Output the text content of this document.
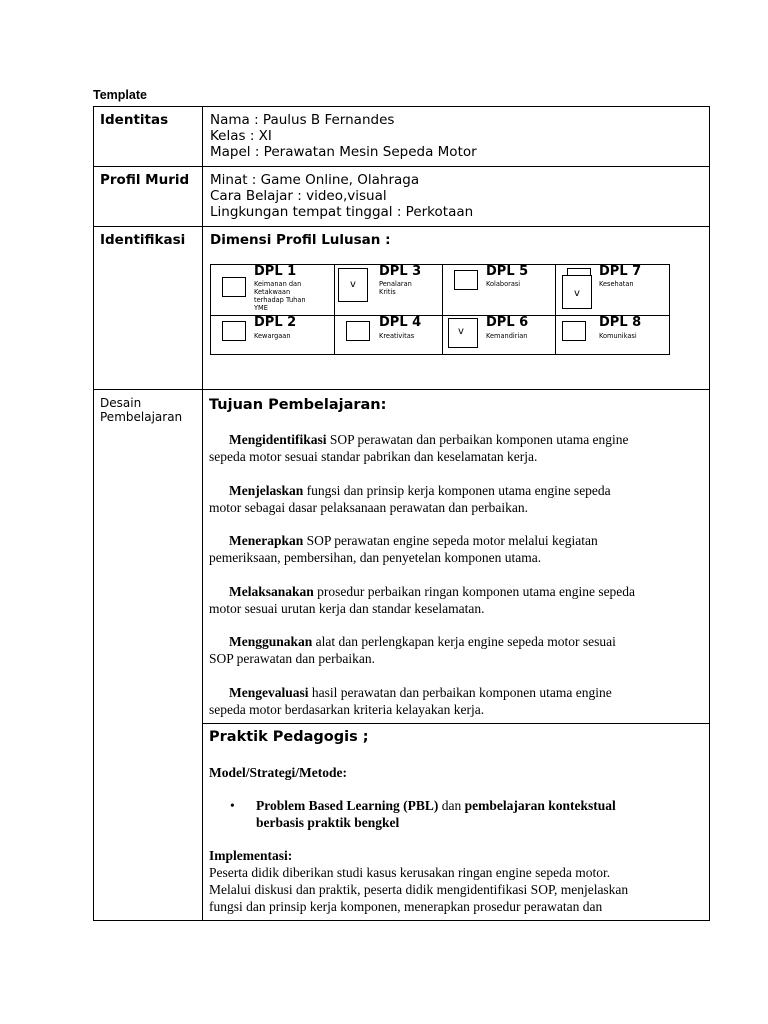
Template
Identitas	Nama : Paulus B Fernandes
Kelas : XI
Mapel : Perawatan Mesin Sepeda Motor
Profil Murid Minat : Game Online, Olahraga
Cara Belajar : video,visual
Lingkungan tempat tinggal : Perkotaan
Identifikasi Dimensi Profil Lulusan :
DPL 1
Keimanan dan
Ketakwaan
terhadap Tuhan
YME
v
DPL 3
Penalaran
Kritis
DPL 5
Kolaborasi
v
DPL 7
Kesehatan
DPL 2
Kewargaan
DPL 4
Kreativitas	v
DPL 6
Kemandirian
DPL 8
Komunikasi
Desain
Pembelajaran
Tujuan Pembelajaran:
Mengidentifikasi SOP perawatan dan perbaikan komponen utama engine
sepeda motor sesuai standar pabrikan dan keselamatan kerja.
Menjelaskan fungsi dan prinsip kerja komponen utama engine sepeda
motor sebagai dasar pelaksanaan perawatan dan perbaikan.
Menerapkan SOP perawatan engine sepeda motor melalui kegiatan
pemeriksaan, pembersihan, dan penyetelan komponen utama.
Melaksanakan prosedur perbaikan ringan komponen utama engine sepeda
motor sesuai urutan kerja dan standar keselamatan.
Menggunakan alat dan perlengkapan kerja engine sepeda motor sesuai
SOP perawatan dan perbaikan.
Mengevaluasi hasil perawatan dan perbaikan komponen utama engine
sepeda motor berdasarkan kriteria kelayakan kerja.
Praktik Pedagogis ;
Model/Strategi/Metode:
• Problem Based Learning (PBL) dan pembelajaran kontekstual
berbasis praktik bengkel
Implementasi:
Peserta didik diberikan studi kasus kerusakan ringan engine sepeda motor.
Melalui diskusi dan praktik, peserta didik mengidentifikasi SOP, menjelaskan
fungsi dan prinsip kerja komponen, menerapkan prosedur perawatan dan
